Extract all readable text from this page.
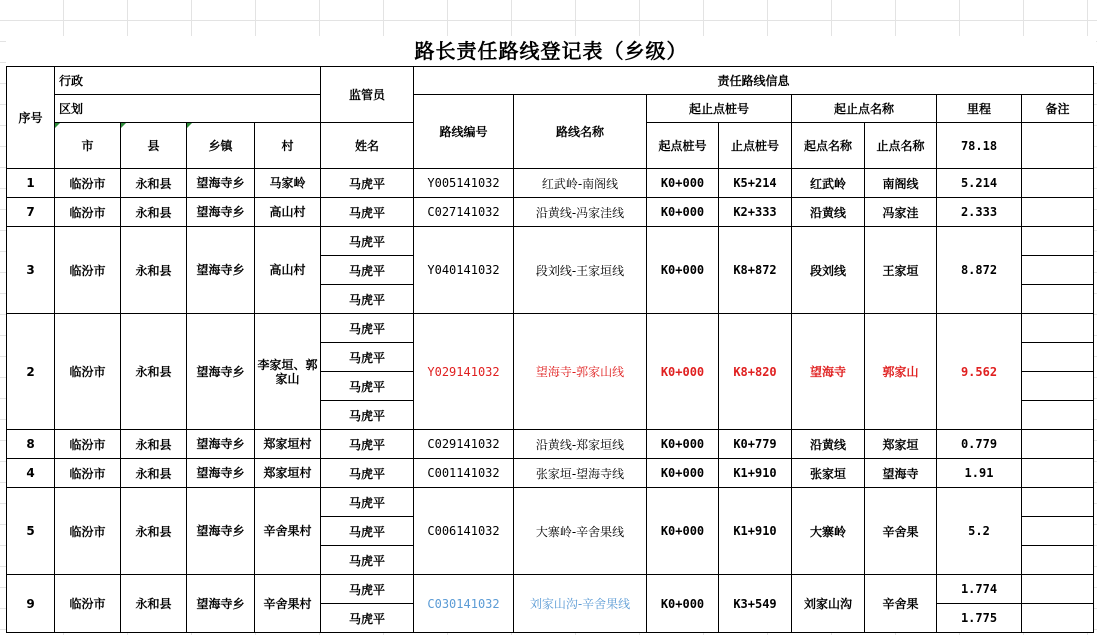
路长责任路线登记表（乡级）
序号	行政				监管员	责任路线信息							
	区划					路线编号	路线名称	起止点桩号		起止点名称		里程	备注
	市	县	乡镇	村	姓名			起点桩号	止点桩号	起点名称	止点名称	78.18	
1	临汾市	永和县	望海寺乡	马家岭	马虎平	Y005141032	红武岭-南阁线	K0+000	K5+214	红武岭	南阁线	5.214	
7	临汾市	永和县	望海寺乡	高山村	马虎平	C027141032	沿黄线-冯家洼线	K0+000	K2+333	沿黄线	冯家洼	2.333	
3	临汾市	永和县	望海寺乡	高山村	马虎平	Y040141032	段刘线-王家垣线	K0+000	K8+872	段刘线	王家垣	8.872	
					马虎平								
					马虎平								
2	临汾市	永和县	望海寺乡	李家垣、郭家山	马虎平	Y029141032	望海寺-郭家山线	K0+000	K8+820	望海寺	郭家山	9.562	
					马虎平								
					马虎平								
					马虎平								
8	临汾市	永和县	望海寺乡	郑家垣村	马虎平	C029141032	沿黄线-郑家垣线	K0+000	K0+779	沿黄线	郑家垣	0.779	
4	临汾市	永和县	望海寺乡	郑家垣村	马虎平	C001141032	张家垣-望海寺线	K0+000	K1+910	张家垣	望海寺	1.91	
5	临汾市	永和县	望海寺乡	辛舍果村	马虎平	C006141032	大寨岭-辛舍果线	K0+000	K1+910	大寨岭	辛舍果	5.2	
					马虎平								
					马虎平								
9	临汾市	永和县	望海寺乡	辛舍果村	马虎平	C030141032	刘家山沟-辛舍果线	K0+000	K3+549	刘家山沟	辛舍果	1.774	
					马虎平							1.775	
